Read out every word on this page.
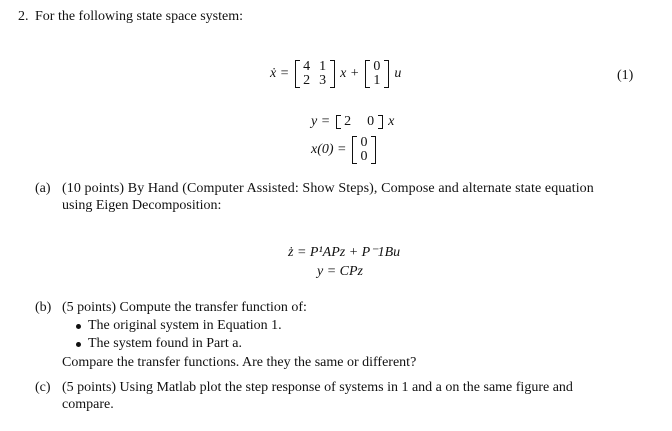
2. For the following state space system:
ẋ =	4 1
2 3	x +	0
1	u	(1)
y =	2 0	x
x(0) =	0
0
(a) (10 points) By Hand (Computer Assisted: Show Steps), Compose and alternate state equation
using Eigen Decomposition:
ż = P¹APz + P⁻1Bu
y = CPz
(b) (5 points) Compute the transfer function of:
The original system in Equation 1.
The system found in Part a.
Compare the transfer functions. Are they the same or different?
(c) (5 points) Using Matlab plot the step response of systems in 1 and a on the same figure and
compare.
